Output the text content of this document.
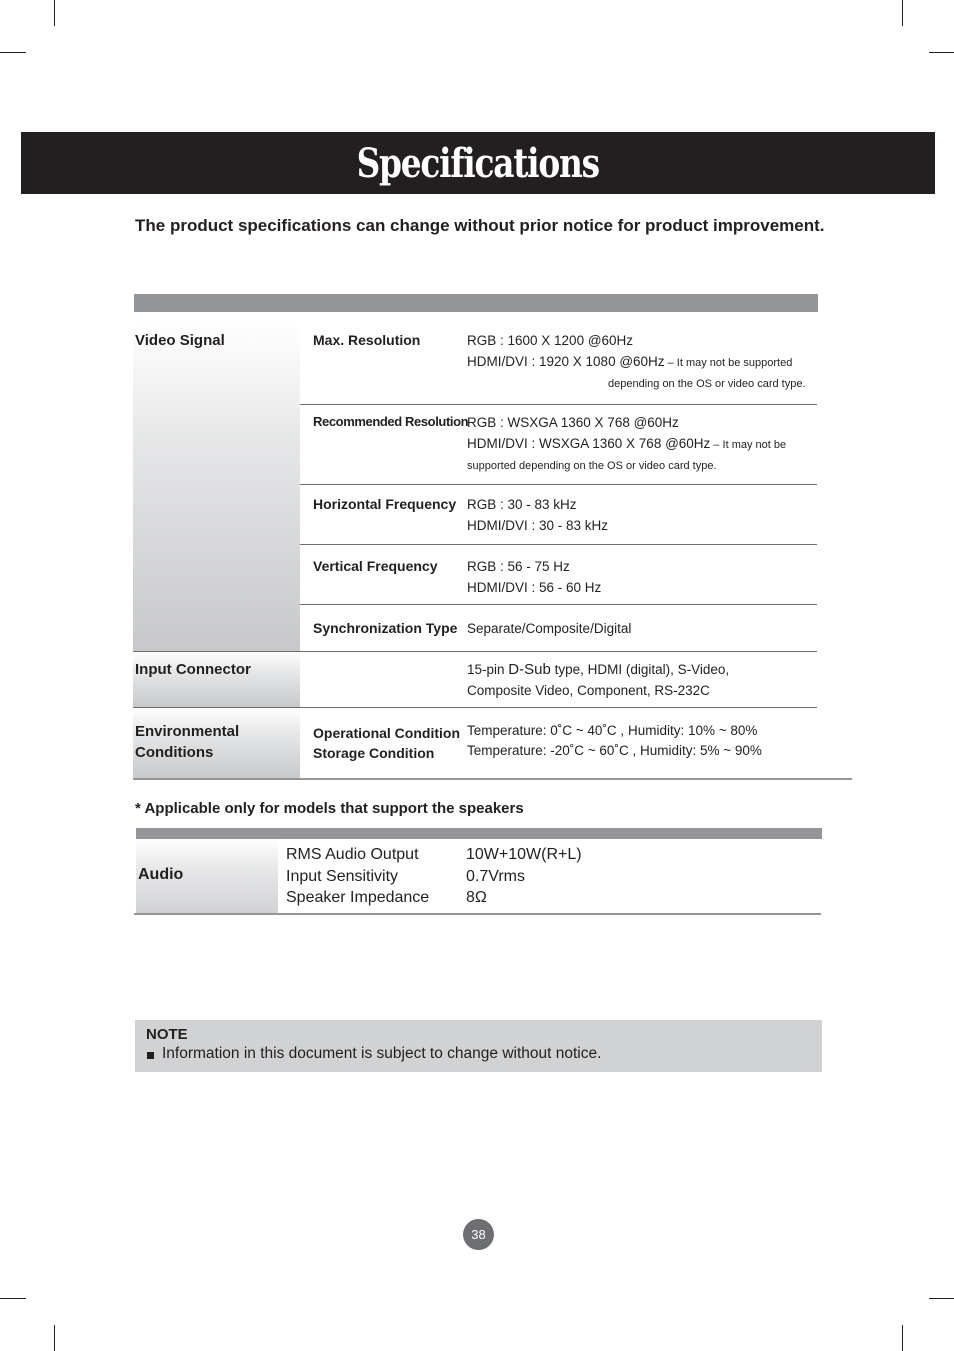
Specifications
The product specifications can change without prior notice for product improvement.
Video Signal
Input Connector
Environmental
Conditions
Max. Resolution	RGB : 1600 X 1200 @60Hz
HDMI/DVI : 1920 X 1080 @60Hz – It may not be supported
depending on the OS or video card type.
Recommended Resolution
RGB : WSXGA 1360 X 768 @60Hz
HDMI/DVI : WSXGA 1360 X 768 @60Hz – It may not be
supported depending on the OS or video card type.
Horizontal Frequency RGB : 30 - 83 kHz
HDMI/DVI : 30 - 83 kHz
Vertical Frequency RGB : 56 - 75 Hz
HDMI/DVI : 56 - 60 Hz
Synchronization Type Separate/Composite/Digital
15-pin D-Sub type, HDMI (digital), S-Video,
Composite Video, Component, RS-232C
Operational Condition
Storage Condition
Temperature: 0˚C ~ 40˚C , Humidity: 10% ~ 80%
Temperature: -20˚C ~ 60˚C , Humidity: 5% ~ 90%
* Applicable only for models that support the speakers
Audio
RMS Audio Output
Input Sensitivity
Speaker Impedance
10W+10W(R+L)
0.7Vrms
8Ω
NOTE
Information in this document is subject to change without notice.
38
